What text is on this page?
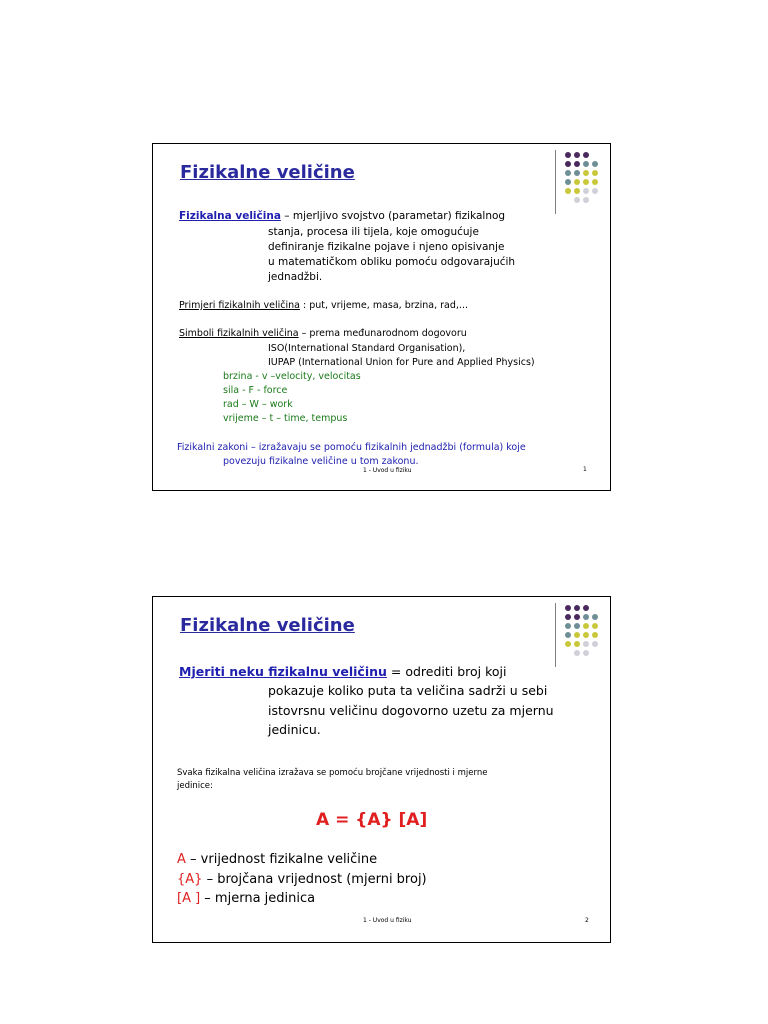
Fizikalne veličine
Fizikalna veličina – mjerljivo svojstvo (parametar) fizikalnog
stanja, procesa ili tijela, koje omogućuje
definiranje fizikalne pojave i njeno opisivanje
u matematičkom obliku pomoću odgovarajućih
jednadžbi.
Primjeri fizikalnih veličina : put, vrijeme, masa, brzina, rad,...
Simboli fizikalnih veličina – prema međunarodnom dogovoru
ISO(International Standard Organisation),
IUPAP (International Union for Pure and Applied Physics)
brzina - v –velocity, velocitas
sila - F - force
rad – W – work
vrijeme – t – time, tempus
Fizikalni zakoni – izražavaju se pomoću fizikalnih jednadžbi (formula) koje
povezuju fizikalne veličine u tom zakonu.
1 - Uvod u fiziku	1
Fizikalne veličine
Mjeriti neku fizikalnu veličinu = odrediti broj koji
pokazuje koliko puta ta veličina sadrži u sebi
istovrsnu veličinu dogovorno uzetu za mjernu
jedinicu.
Svaka fizikalna veličina izražava se pomoću brojčane vrijednosti i mjerne
jedinice:
A = {A} [A]
A – vrijednost fizikalne veličine
{A} – brojčana vrijednost (mjerni broj)
[A ] – mjerna jedinica
1 - Uvod u fiziku	2
